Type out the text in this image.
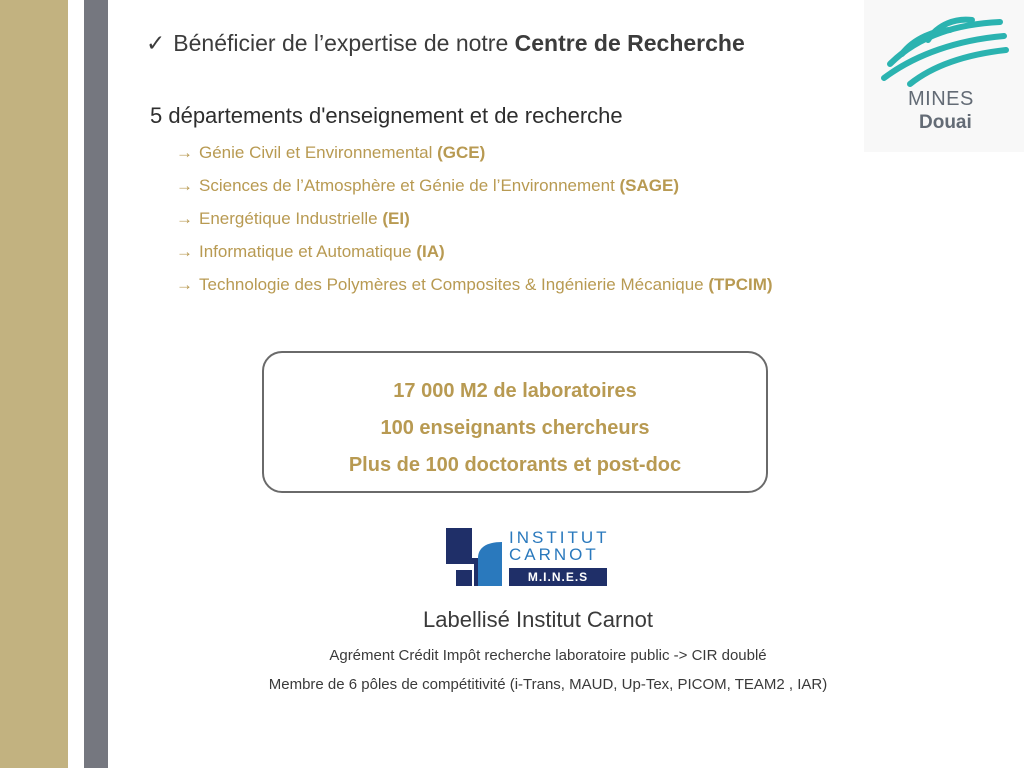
✓ Bénéficier de l’expertise de notre Centre de Recherche
5 départements d'enseignement et de recherche
→ Génie Civil et Environnemental (GCE)
→ Sciences de l’Atmosphère et Génie de l’Environnement (SAGE)
→ Energétique Industrielle (EI)
→ Informatique et Automatique (IA)
→ Technologie des Polymères et Composites & Ingénierie Mécanique (TPCIM)
17 000 M2 de laboratoires
100 enseignants chercheurs
Plus de 100 doctorants et post-doc
MINES
Douai
INSTITUT
CARNOT
M.I.N.E.S
Labellisé Institut Carnot
Agrément Crédit Impôt recherche laboratoire public -> CIR doublé
Membre de 6 pôles de compétitivité (i-Trans, MAUD, Up-Tex, PICOM, TEAM2 , IAR)
